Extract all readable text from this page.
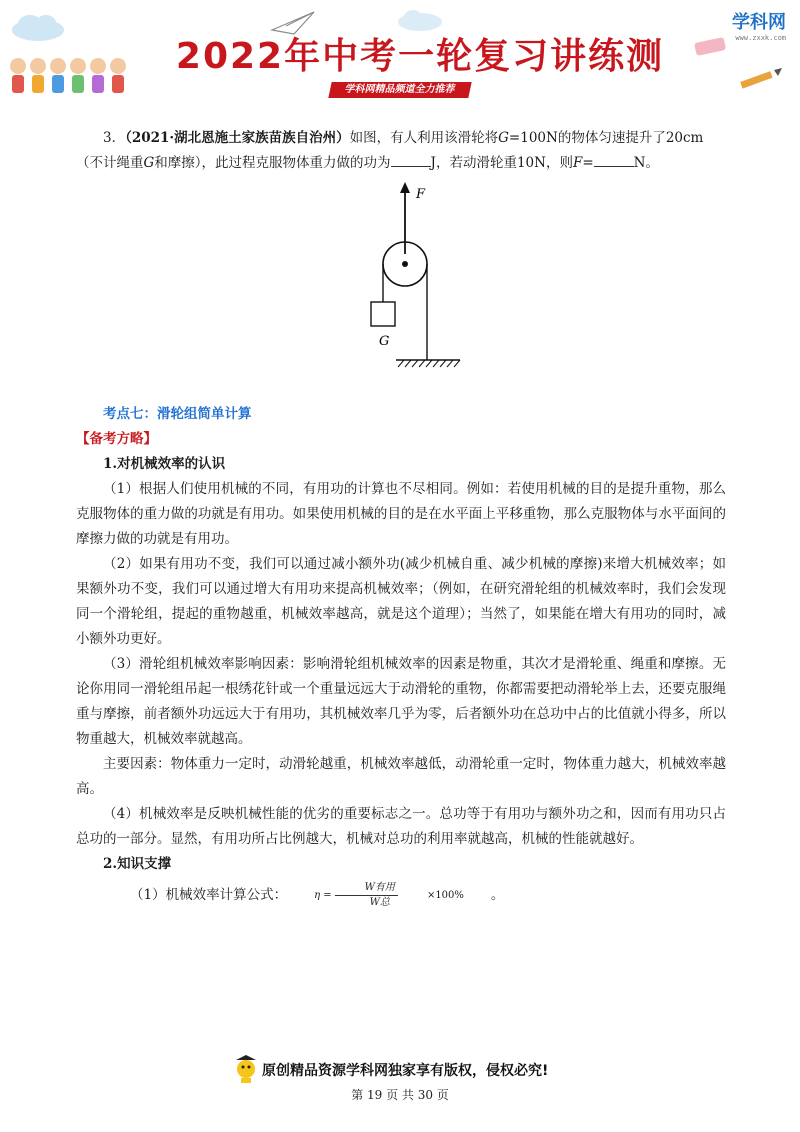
2022年中考一轮复习讲练测
学科网精品频道全力推荐
学科网
www.zxxk.com

3．（2021·湖北恩施土家族苗族自治州）如图，有人利用该滑轮将G=100N的物体匀速提升了20cm

（不计绳重G和摩擦），此过程克服物体重力做的功为	J，若动滑轮重10N，则F=	N。

F
G

考点七：滑轮组简单计算

【备考方略】

1.对机械效率的认识

（1）根据人们使用机械的不同，有用功的计算也不尽相同。例如：若使用机械的目的是提升重物，那么克服物体的重力做的功就是有用功。如果使用机械的目的是在水平面上平移重物，那么克服物体与水平面间的摩擦力做的功就是有用功。

（2）如果有用功不变，我们可以通过减小额外功(减少机械自重、减少机械的摩擦)来增大机械效率；如果额外功不变，我们可以通过增大有用功来提高机械效率；（例如，在研究滑轮组的机械效率时，我们会发现同一个滑轮组，提起的重物越重，机械效率越高，就是这个道理）；当然了，如果能在增大有用功的同时，减小额外功更好。

（3）滑轮组机械效率影响因素：影响滑轮组机械效率的因素是物重，其次才是滑轮重、绳重和摩擦。无论你用同一滑轮组吊起一根绣花针或一个重量远远大于动滑轮的重物，你都需要把动滑轮举上去，还要克服绳重与摩擦，前者额外功远远大于有用功，其机械效率几乎为零，后者额外功在总功中占的比值就小得多，所以物重越大，机械效率就越高。

主要因素：物体重力一定时，动滑轮越重，机械效率越低，动滑轮重一定时，物体重力越大，机械效率越高。

（4）机械效率是反映机械性能的优劣的重要标志之一。总功等于有用功与额外功之和，因而有用功只占总功的一部分。显然，有用功所占比例越大，机械对总功的利用率就越高，机械的性能就越好。

2.知识支撑

（1）机械效率计算公式：	$\eta = \frac{\text{W有用}}{\text{W总}}$	×100%	。
原创精品资源学科网独家享有版权，侵权必究!
第 19 页 共 30 页
